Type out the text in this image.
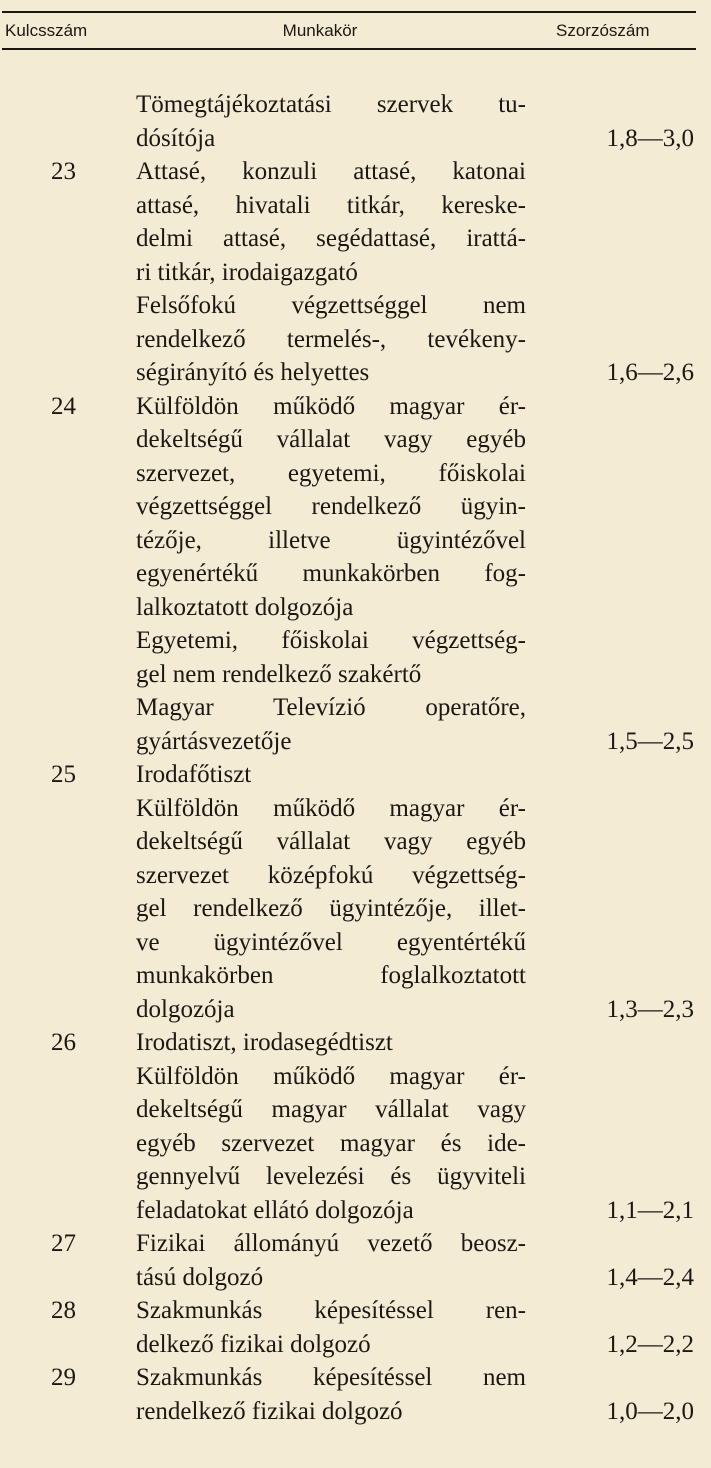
Kulcsszám	Munkakör	Szorzószám
Tömegtájékoztatási szervek tu-
dósítója	1,8—3,0
23	Attasé, konzuli attasé, katonai
attasé, hivatali titkár, kereske-
delmi attasé, segédattasé, irattá-
ri titkár, irodaigazgató
Felsőfokú végzettséggel nem
rendelkező termelés-, tevékeny-
ségirányító és helyettes	1,6—2,6
24	Külföldön működő magyar ér-
dekeltségű vállalat vagy egyéb
szervezet, egyetemi, főiskolai
végzettséggel rendelkező ügyin-
tézője, illetve ügyintézővel
egyenértékű munkakörben fog-
lalkoztatott dolgozója
Egyetemi, főiskolai végzettség-
gel nem rendelkező szakértő
Magyar Televízió operatőre,
gyártásvezetője	1,5—2,5
25	Irodafőtiszt
Külföldön működő magyar ér-
dekeltségű vállalat vagy egyéb
szervezet középfokú végzettség-
gel rendelkező ügyintézője, illet-
ve ügyintézővel egyentértékű
munkakörben foglalkoztatott
dolgozója	1,3—2,3
26	Irodatiszt, irodasegédtiszt
Külföldön működő magyar ér-
dekeltségű magyar vállalat vagy
egyéb szervezet magyar és ide-
gennyelvű levelezési és ügyviteli
feladatokat ellátó dolgozója	1,1—2,1
27	Fizikai állományú vezető beosz-
tású dolgozó	1,4—2,4
28	Szakmunkás képesítéssel ren-
delkező fizikai dolgozó	1,2—2,2
29	Szakmunkás képesítéssel nem
rendelkező fizikai dolgozó	1,0—2,0
